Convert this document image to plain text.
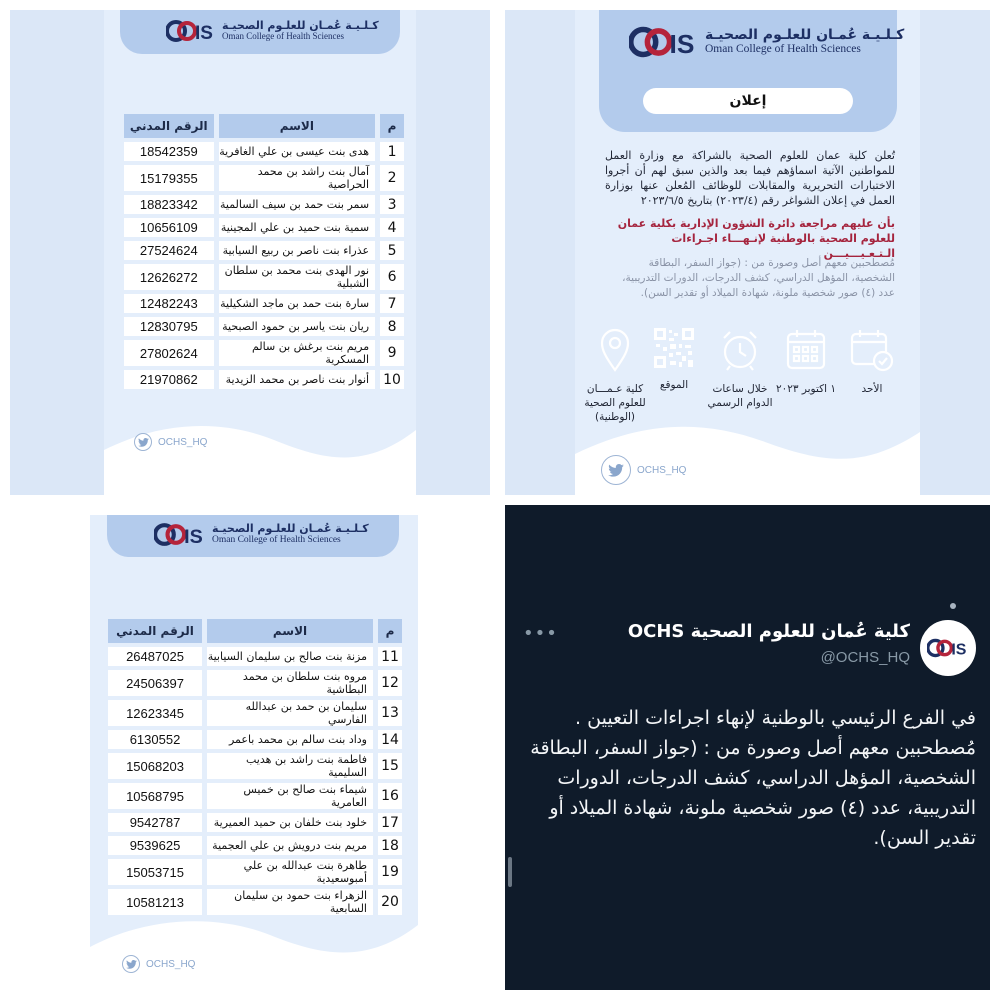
IS كـلـيـة عُمـان للعلـوم الصحيـة
Oman College of Health Sciences
م	الاسم	الرقم المدني
1	هدى بنت عيسى بن علي الغافرية	18542359
2	آمال بنت راشد بن محمد الحراصية	15179355
3	سمر بنت حمد بن سيف السالمية	18823342
4	سمية بنت حميد بن علي المجينية	10656109
5	عذراء بنت ناصر بن ربيع السيابية	27524624
6	نور الهدى بنت محمد بن سلطان الشبلية	12626272
7	سارة بنت حمد بن ماجد الشكيلية	12482243
8	ريان بنت ياسر بن حمود الصبحية	12830795
9	مريم بنت برغش بن سالم المسكرية	27802624
10	أنوار بنت ناصر بن محمد الزيدية	21970862
OCHS_HQ
IS كـلـيـة عُمـان للعلـوم الصحيـة
Oman College of Health Sciences
إعلان
تُعلن كلية عمان للعلوم الصحية بالشراكة مع وزارة العمل للمواطنين الآتية اسماؤهم فيما بعد والذين سبق لهم أن أجروا الاختبارات التحريرية والمقابلات للوظائف المُعلن عنها بوزارة العمل في إعلان الشواغر رقم (٢٠٢٣/٤) بتاريخ ٢٠٢٣/٦/٥
بأن عليهم مراجعة دائرة الشؤون الإدارية بكلية عمان للعلوم الصحية بالوطنية لإنـهـــاء اجـراءات الـتـعـيـــيـــن
مُصطحبين معهم أصل وصورة من : (جواز السفر، البطاقة الشخصية، المؤهل الدراسي، كشف الدرجات، الدورات التدريبية، عدد (٤) صور شخصية ملونة، شهادة الميلاد أو تقدير السن).
الأحد
١ اكتوبر ٢٠٢٣
خلال ساعات الدوام الرسمي
الموقع
كلية عـمـــان للعلوم الصحية (الوطنية)
OCHS_HQ
IS كـلـيـة عُمـان للعلـوم الصحيـة
Oman College of Health Sciences
م	الاسم	الرقم المدني
11	مزنة بنت صالح بن سليمان السيابية	26487025
12	مروه بنت سلطان بن محمد البطاشية	24506397
13	سليمان بن حمد بن عبدالله الفارسي	12623345
14	وداد بنت سالم بن محمد باعمر	6130552
15	فاطمة بنت راشد بن هديب السليمية	15068203
16	شيماء بنت صالح بن خميس العامرية	10568795
17	خلود بنت خلفان بن حميد العميرية	9542787
18	مريم بنت درويش بن علي العجمية	9539625
19	طاهرة بنت عبدالله بن علي أمبوسعيدية	15053715
20	الزهراء بنت حمود بن سليمان السابعية	10581213
OCHS_HQ
IS
كلية عُمان للعلوم الصحية OCHS
@OCHS_HQ
•••
في الفرع الرئيسي بالوطنية لإنهاء اجراءات التعيين . مُصطحبين معهم أصل وصورة من : (جواز السفر، البطاقة الشخصية، المؤهل الدراسي، كشف الدرجات، الدورات التدريبية، عدد (٤) صور شخصية ملونة، شهادة الميلاد أو تقدير السن).
